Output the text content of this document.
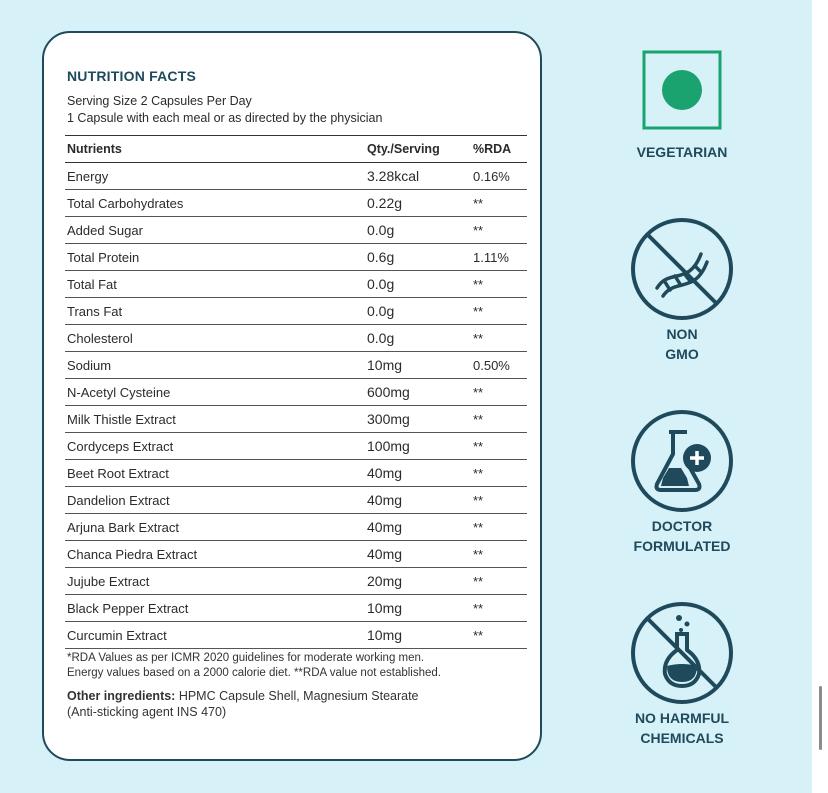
NUTRITION FACTS
Serving Size 2 Capsules Per Day
1 Capsule with each meal or as directed by the physician
Nutrients	Qty./Serving	%RDA
Energy	3.28kcal	0.16%
Total Carbohydrates	0.22g	**
Added Sugar	0.0g	**
Total Protein	0.6g	1.11%
Total Fat	0.0g	**
Trans Fat	0.0g	**
Cholesterol	0.0g	**
Sodium	10mg	0.50%
N-Acetyl Cysteine	600mg	**
Milk Thistle Extract	300mg	**
Cordyceps Extract	100mg	**
Beet Root Extract	40mg	**
Dandelion Extract	40mg	**
Arjuna Bark Extract	40mg	**
Chanca Piedra Extract	40mg	**
Jujube Extract	20mg	**
Black Pepper Extract	10mg	**
Curcumin Extract	10mg	**
*RDA Values as per ICMR 2020 guidelines for moderate working men.
Energy values based on a 2000 calorie diet. **RDA value not established.
Other ingredients: HPMC Capsule Shell, Magnesium Stearate
(Anti-sticking agent INS 470)
VEGETARIAN
NON
GMO
DOCTOR
FORMULATED
NO HARMFUL
CHEMICALS
